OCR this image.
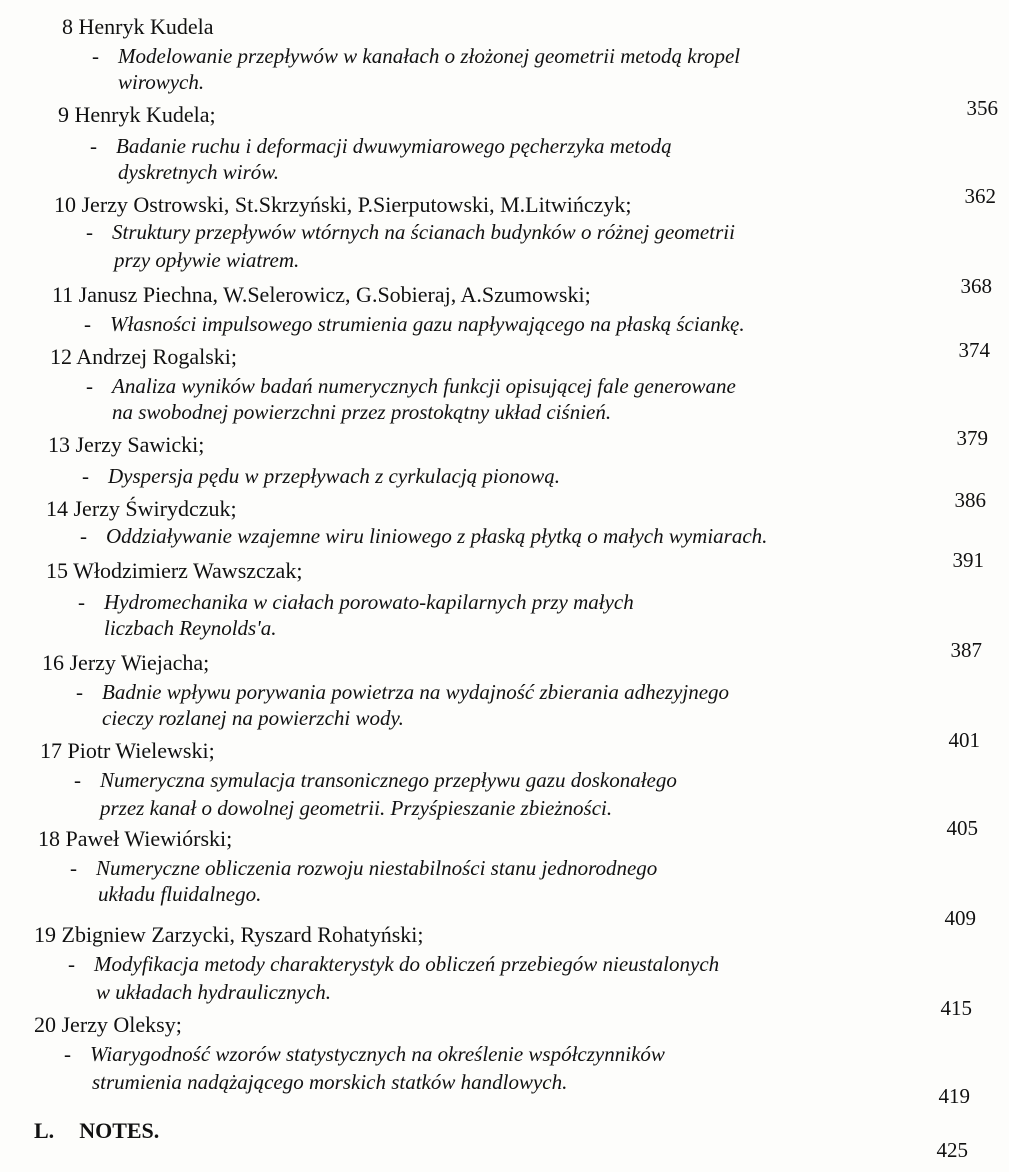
8 Henryk Kudela
- Modelowanie przepływów w kanałach o złożonej geometrii metodą kropel
wirowych.
9 Henryk Kudela;
- Badanie ruchu i deformacji dwuwymiarowego pęcherzyka metodą
dyskretnych wirów.
10 Jerzy Ostrowski, St.Skrzyński, P.Sierputowski, M.Litwińczyk;
- Struktury przepływów wtórnych na ścianach budynków o różnej geometrii
przy opływie wiatrem.
11 Janusz Piechna, W.Selerowicz, G.Sobieraj, A.Szumowski;
- Własności impulsowego strumienia gazu napływającego na płaską ściankę.
12 Andrzej Rogalski;
- Analiza wyników badań numerycznych funkcji opisującej fale generowane
na swobodnej powierzchni przez prostokątny układ ciśnień.
13 Jerzy Sawicki;
- Dyspersja pędu w przepływach z cyrkulacją pionową.
14 Jerzy Świrydczuk;
- Oddziaływanie wzajemne wiru liniowego z płaską płytką o małych wymiarach.
15 Włodzimierz Wawszczak;
- Hydromechanika w ciałach porowato-kapilarnych przy małych
liczbach Reynolds'a.
16 Jerzy Wiejacha;
- Badnie wpływu porywania powietrza na wydajność zbierania adhezyjnego
cieczy rozlanej na powierzchi wody.
17 Piotr Wielewski;
- Numeryczna symulacja transonicznego przepływu gazu doskonałego
przez kanał o dowolnej geometrii. Przyśpieszanie zbieżności.
18 Paweł Wiewiórski;
- Numeryczne obliczenia rozwoju niestabilności stanu jednorodnego
układu fluidalnego.
19 Zbigniew Zarzycki, Ryszard Rohatyński;
- Modyfikacja metody charakterystyk do obliczeń przebiegów nieustalonych
w układach hydraulicznych.
20 Jerzy Oleksy;
- Wiarygodność wzorów statystycznych na określenie współczynników
strumienia nadążającego morskich statków handlowych.
L. NOTES.
356
362
368
374
379
386
391
387
401
405
409
415
419
425
